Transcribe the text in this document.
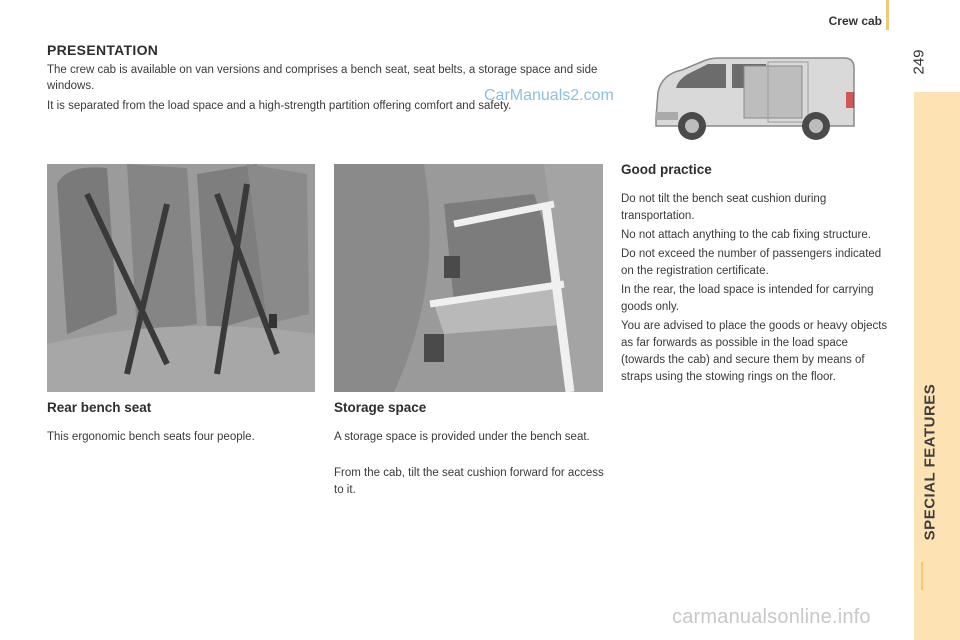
Crew cab
249
SPECIAL FEATURES
PRESENTATION

The crew cab is available on van versions and comprises a bench seat, seat belts, a storage space and side windows.

It is separated from the load space and a high-strength partition offering comfort and safety.

CarManuals2.com
Rear bench seat

This ergonomic bench seats four people.

Storage space

A storage space is provided under the bench seat.

From the cab, tilt the seat cushion forward for access to it.

Good practice

Do not tilt the bench seat cushion during transportation.

No not attach anything to the cab fixing structure.

Do not exceed the number of passengers indicated on the registration certificate.

In the rear, the load space is intended for carrying goods only.

You are advised to place the goods or heavy objects as far forwards as possible in the load space (towards the cab) and secure them by means of straps using the stowing rings on the floor.

carmanualsonline.info
